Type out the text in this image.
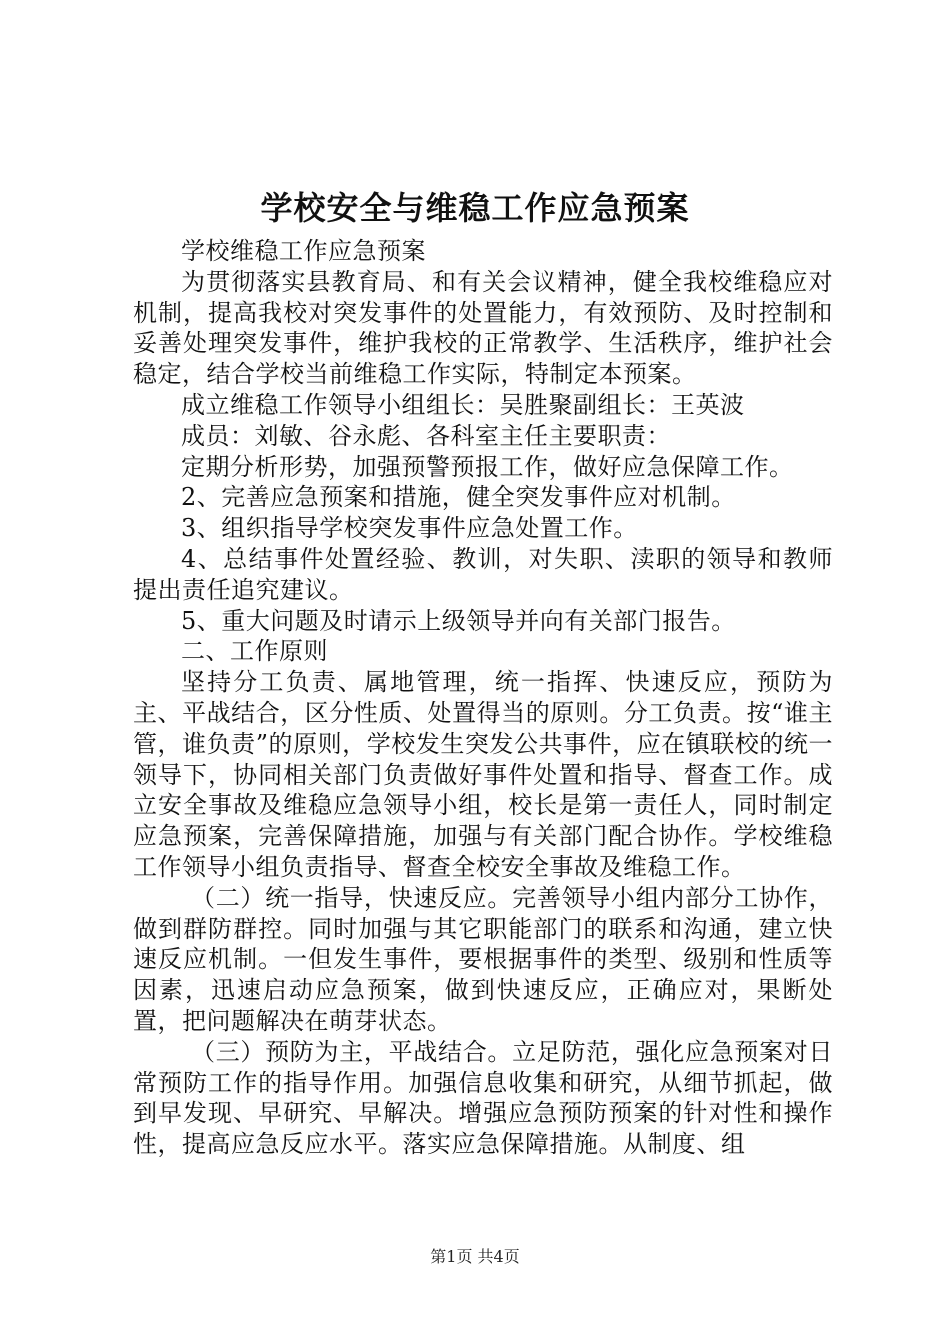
学校安全与维稳工作应急预案

学校维稳工作应急预案

为贯彻落实县教育局、和有关会议精神，健全我校维稳应对机制，提高我校对突发事件的处置能力，有效预防、及时控制和妥善处理突发事件，维护我校的正常教学、生活秩序，维护社会稳定，结合学校当前维稳工作实际，特制定本预案。

成立维稳工作领导小组组长：吴胜聚副组长：王英波

成员：刘敏、谷永彪、各科室主任主要职责：

定期分析形势，加强预警预报工作，做好应急保障工作。

2、完善应急预案和措施，健全突发事件应对机制。

3、组织指导学校突发事件应急处置工作。

4、总结事件处置经验、教训，对失职、渎职的领导和教师提出责任追究建议。

5、重大问题及时请示上级领导并向有关部门报告。

二、工作原则

坚持分工负责、属地管理，统一指挥、快速反应，预防为主、平战结合，区分性质、处置得当的原则。分工负责。按“谁主管，谁负责”的原则，学校发生突发公共事件，应在镇联校的统一领导下，协同相关部门负责做好事件处置和指导、督查工作。成立安全事故及维稳应急领导小组，校长是第一责任人，同时制定应急预案，完善保障措施，加强与有关部门配合协作。学校维稳工作领导小组负责指导、督查全校安全事故及维稳工作。

（二）统一指导，快速反应。完善领导小组内部分工协作，做到群防群控。同时加强与其它职能部门的联系和沟通，建立快速反应机制。一但发生事件，要根据事件的类型、级别和性质等因素，迅速启动应急预案，做到快速反应，正确应对，果断处置，把问题解决在萌芽状态。

（三）预防为主，平战结合。立足防范，强化应急预案对日常预防工作的指导作用。加强信息收集和研究，从细节抓起，做到早发现、早研究、早解决。增强应急预防预案的针对性和操作性，提高应急反应水平。落实应急保障措施。从制度、组

第1页 共4页
